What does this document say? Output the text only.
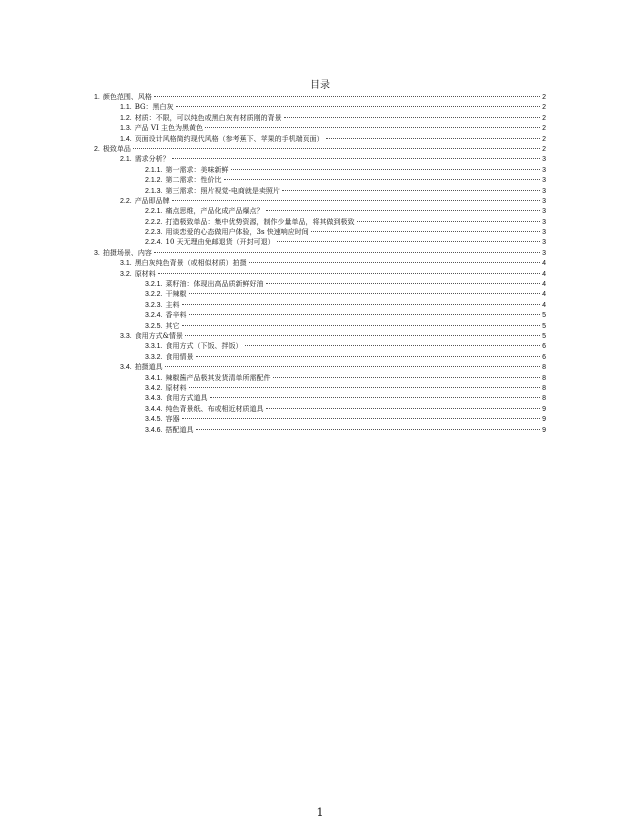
目录
1. 颜色范围、风格	2
1.1. BG：黑白灰	2
1.2. 材质：不限，可以纯色或黑白灰有材质刚的背景	2
1.3. 产品 VI 主色为黑黄色	2
1.4. 页面设计风格简约现代风格（参考蕉下、苹果的手机端页面）	2
2. 极致单品	2
2.1. 需求分析？	3
2.1.1. 第一需求：美味新鲜	3
2.1.2. 第二需求：性价比	3
2.1.3. 第三需求：照片视觉-电商就是卖照片	3
2.2. 产品即品牌	3
2.2.1. 痛点思维，产品化成产品爆点？	3
2.2.2. 打造极致单品：集中优势资源，制作少量单品，将其做到极致	3
2.2.3. 用谈恋爱的心态做用户体验，3s 快速响应时间	3
2.2.4. 10 天无理由免邮退货（开封可退）	3
3. 拍摄场景、内容	3
3.1. 黑白灰纯色背景（或相似材质）拍摄	4
3.2. 原材料	4
3.2.1. 菜籽油：体现出高品质新鲜好油	4
3.2.2. 干辣椒	4
3.2.3. 主料	4
3.2.4. 香辛料	5
3.2.5. 其它	5
3.3. 食用方式&情景	5
3.3.1. 食用方式（下饭、拌饭）	6
3.3.2. 食用情景	6
3.4. 拍摄道具	8
3.4.1. 辣椒酱产品极其发货清单所需配件	8
3.4.2. 原材料	8
3.4.3. 食用方式道具	8
3.4.4. 纯色背景纸、布或相近材质道具	9
3.4.5. 容器	9
3.4.6. 搭配道具	9
1
